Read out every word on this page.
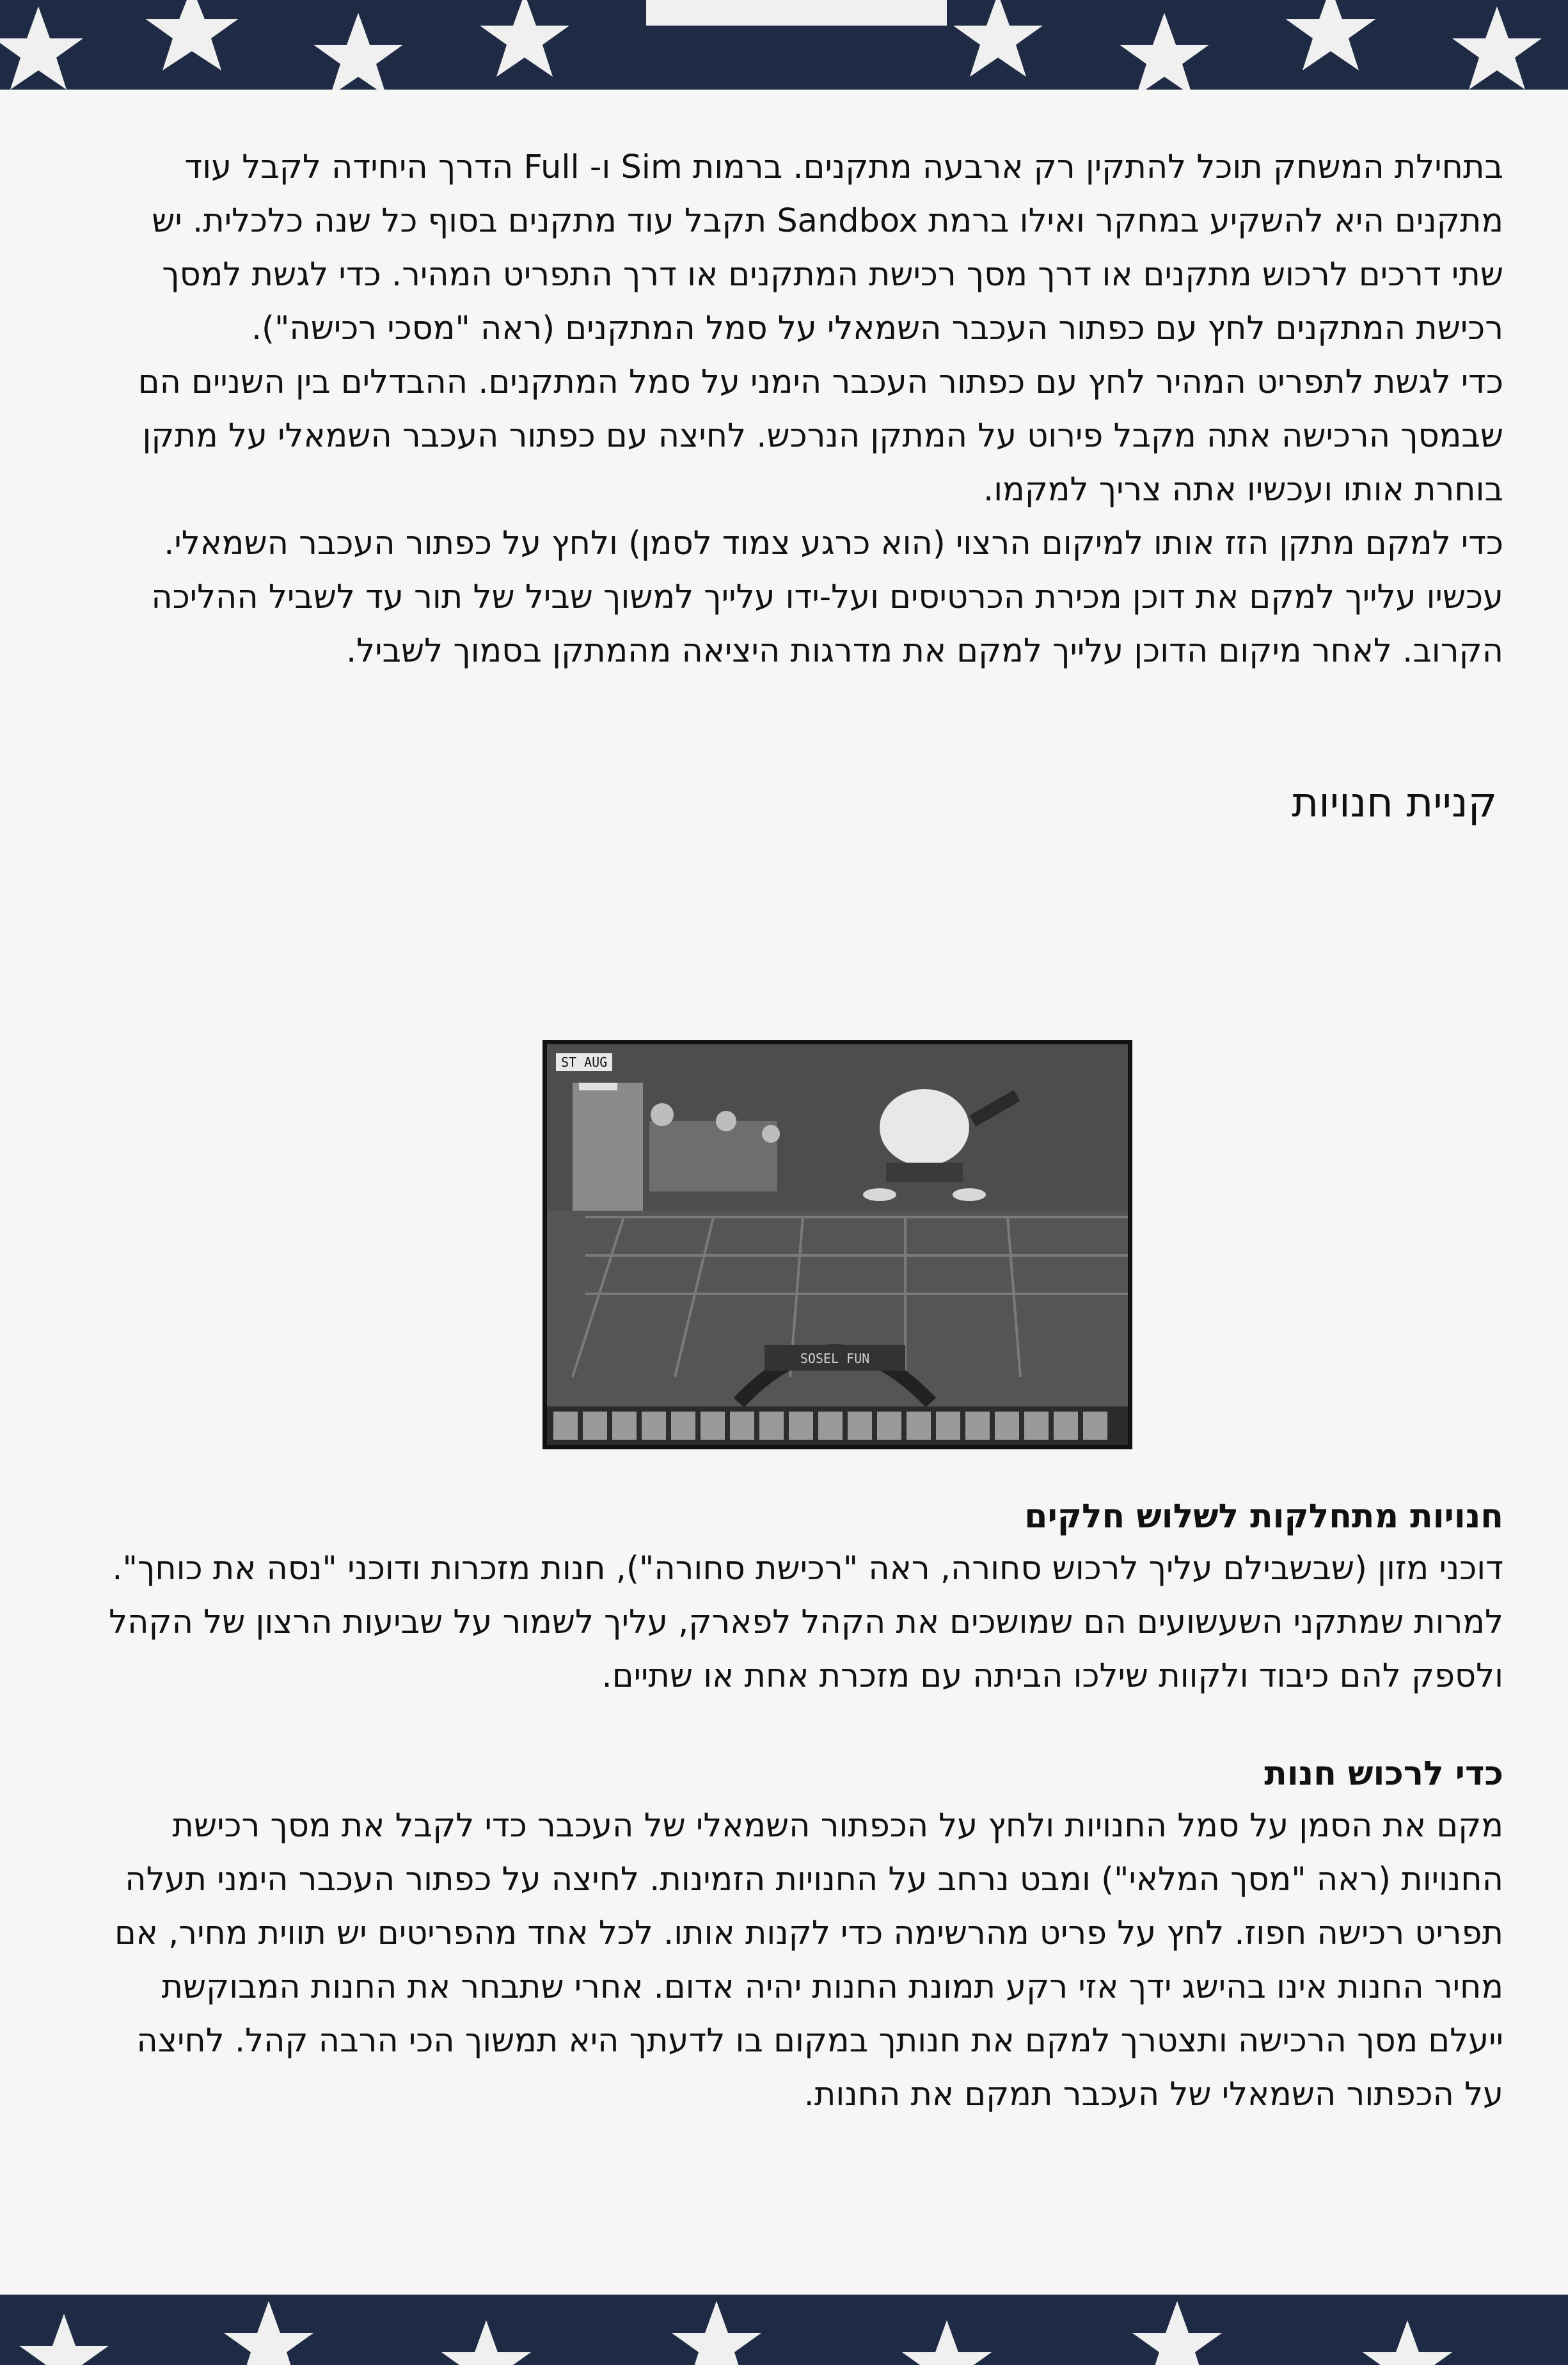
בתחילת המשחק תוכל להתקין רק ארבעה מתקנים. ברמות Sim ו- Full הדרך היחידה לקבל עוד מתקנים היא להשקיע במחקר ואילו ברמת Sandbox תקבל עוד מתקנים בסוף כל שנה כלכלית. יש שתי דרכים לרכוש מתקנים או דרך מסך רכישת המתקנים או דרך התפריט המהיר. כדי לגשת למסך רכישת המתקנים לחץ עם כפתור העכבר השמאלי על סמל המתקנים (ראה "מסכי רכישה").

כדי לגשת לתפריט המהיר לחץ עם כפתור העכבר הימני על סמל המתקנים. ההבדלים בין השניים הם שבמסך הרכישה אתה מקבל פירוט על המתקן הנרכש. לחיצה עם כפתור העכבר השמאלי על מתקן בוחרת אותו ועכשיו אתה צריך למקמו.

כדי למקם מתקן הזז אותו למיקום הרצוי (הוא כרגע צמוד לסמן) ולחץ על כפתור העכבר השמאלי. עכשיו עלייך למקם את דוכן מכירת הכרטיסים ועל-ידו עלייך למשוך שביל של תור עד לשביל ההליכה הקרוב. לאחר מיקום הדוכן עלייך למקם את מדרגות היציאה מהמתקן בסמוך לשביל.

קניית חנויות
SOSEL FUN
ST AUG
חנויות מתחלקות לשלוש חלקים

דוכני מזון (שבשבילם עליך לרכוש סחורה, ראה "רכישת סחורה"), חנות מזכרות ודוכני "נסה את כוחך". למרות שמתקני השעשועים הם שמושכים את הקהל לפארק, עליך לשמור על שביעות הרצון של הקהל ולספק להם כיבוד ולקוות שילכו הביתה עם מזכרת אחת או שתיים.

כדי לרכוש חנות

מקם את הסמן על סמל החנויות ולחץ על הכפתור השמאלי של העכבר כדי לקבל את מסך רכישת החנויות (ראה "מסך המלאי") ומבט נרחב על החנויות הזמינות. לחיצה על כפתור העכבר הימני תעלה תפריט רכישה חפוז. לחץ על פריט מהרשימה כדי לקנות אותו. לכל אחד מהפריטים יש תווית מחיר, אם מחיר החנות אינו בהישג ידך אזי רקע תמונת החנות יהיה אדום. אחרי שתבחר את החנות המבוקשת ייעלם מסך הרכישה ותצטרך למקם את חנותך במקום בו לדעתך היא תמשוך הכי הרבה קהל. לחיצה על הכפתור השמאלי של העכבר תמקם את החנות.
